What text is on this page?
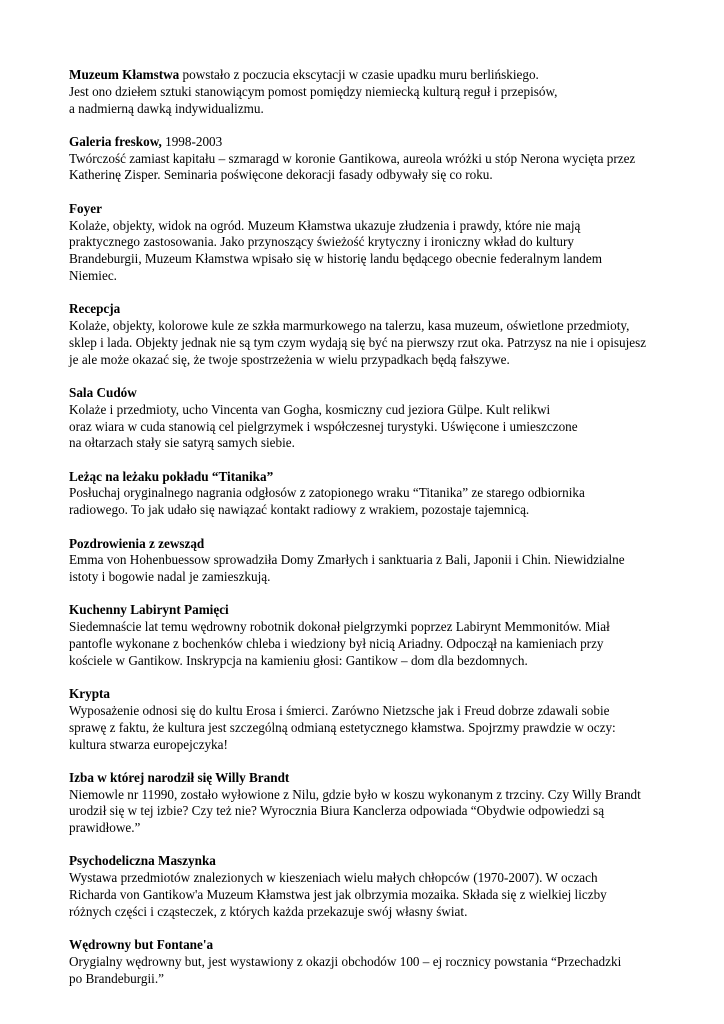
Muzeum Kłamstwa powstało z poczucia ekscytacji w czasie upadku muru berlińskiego.
Jest ono dziełem sztuki stanowiącym pomost pomiędzy niemiecką kulturą reguł i przepisów,
a nadmierną dawką indywidualizmu.
Galeria freskow, 1998-2003
Twórczość zamiast kapitału – szmaragd w koronie Gantikowa, aureola wróżki u stóp Nerona wycięta przez
Katherinę Zisper. Seminaria poświęcone dekoracji fasady odbywały się co roku.
Foyer
Kolaże, objekty, widok na ogród. Muzeum Kłamstwa ukazuje złudzenia i prawdy, które nie mają
praktycznego zastosowania. Jako przynoszący świeżość krytyczny i ironiczny wkład do kultury
Brandeburgii, Muzeum Kłamstwa wpisało się w historię landu będącego obecnie federalnym landem
Niemiec.
Recepcja
Kolaże, objekty, kolorowe kule ze szkła marmurkowego na talerzu, kasa muzeum, oświetlone przedmioty,
sklep i lada. Objekty jednak nie są tym czym wydają się być na pierwszy rzut oka. Patrzysz na nie i opisujesz
je ale może okazać się, że twoje spostrzeżenia w wielu przypadkach będą fałszywe.
Sala Cudów
Kolaże i przedmioty, ucho Vincenta van Gogha, kosmiczny cud jeziora Gülpe. Kult relikwi
oraz wiara w cuda stanowią cel pielgrzymek i współczesnej turystyki. Uświęcone i umieszczone
na ołtarzach stały sie satyrą samych siebie.
Leżąc na leżaku pokładu “Titanika”
Posłuchaj oryginalnego nagrania odgłosów z zatopionego wraku “Titanika” ze starego odbiornika
radiowego. To jak udało się nawiązać kontakt radiowy z wrakiem, pozostaje tajemnicą.
Pozdrowienia z zewsząd
Emma von Hohenbuessow sprowadziła Domy Zmarłych i sanktuaria z Bali, Japonii i Chin. Niewidzialne
istoty i bogowie nadal je zamieszkują.
Kuchenny Labirynt Pamięci
Siedemnaście lat temu wędrowny robotnik dokonał pielgrzymki poprzez Labirynt Memmonitów. Miał
pantofle wykonane z bochenków chleba i wiedziony był nicią Ariadny. Odpoczął na kamieniach przy
kościele w Gantikow. Inskrypcja na kamieniu głosi: Gantikow – dom dla bezdomnych.
Krypta
Wyposażenie odnosi się do kultu Erosa i śmierci. Zarówno Nietzsche jak i Freud dobrze zdawali sobie
sprawę z faktu, że kultura jest szczególną odmianą estetycznego kłamstwa. Spojrzmy prawdzie w oczy:
kultura stwarza europejczyka!
Izba w której narodził się Willy Brandt
Niemowle nr 11990, zostało wyłowione z Nilu, gdzie było w koszu wykonanym z trzciny. Czy Willy Brandt
urodził się w tej izbie? Czy też nie? Wyrocznia Biura Kanclerza odpowiada “Obydwie odpowiedzi są
prawidłowe.”
Psychodeliczna Maszynka
Wystawa przedmiotów znalezionych w kieszeniach wielu małych chłopców (1970-2007). W oczach
Richarda von Gantikow'a Muzeum Kłamstwa jest jak olbrzymia mozaika. Składa się z wielkiej liczby
różnych części i cząsteczek, z których każda przekazuje swój własny świat.
Wędrowny but Fontane'a
Orygialny wędrowny but, jest wystawiony z okazji obchodów 100 – ej rocznicy powstania “Przechadzki
po Brandeburgii.”
